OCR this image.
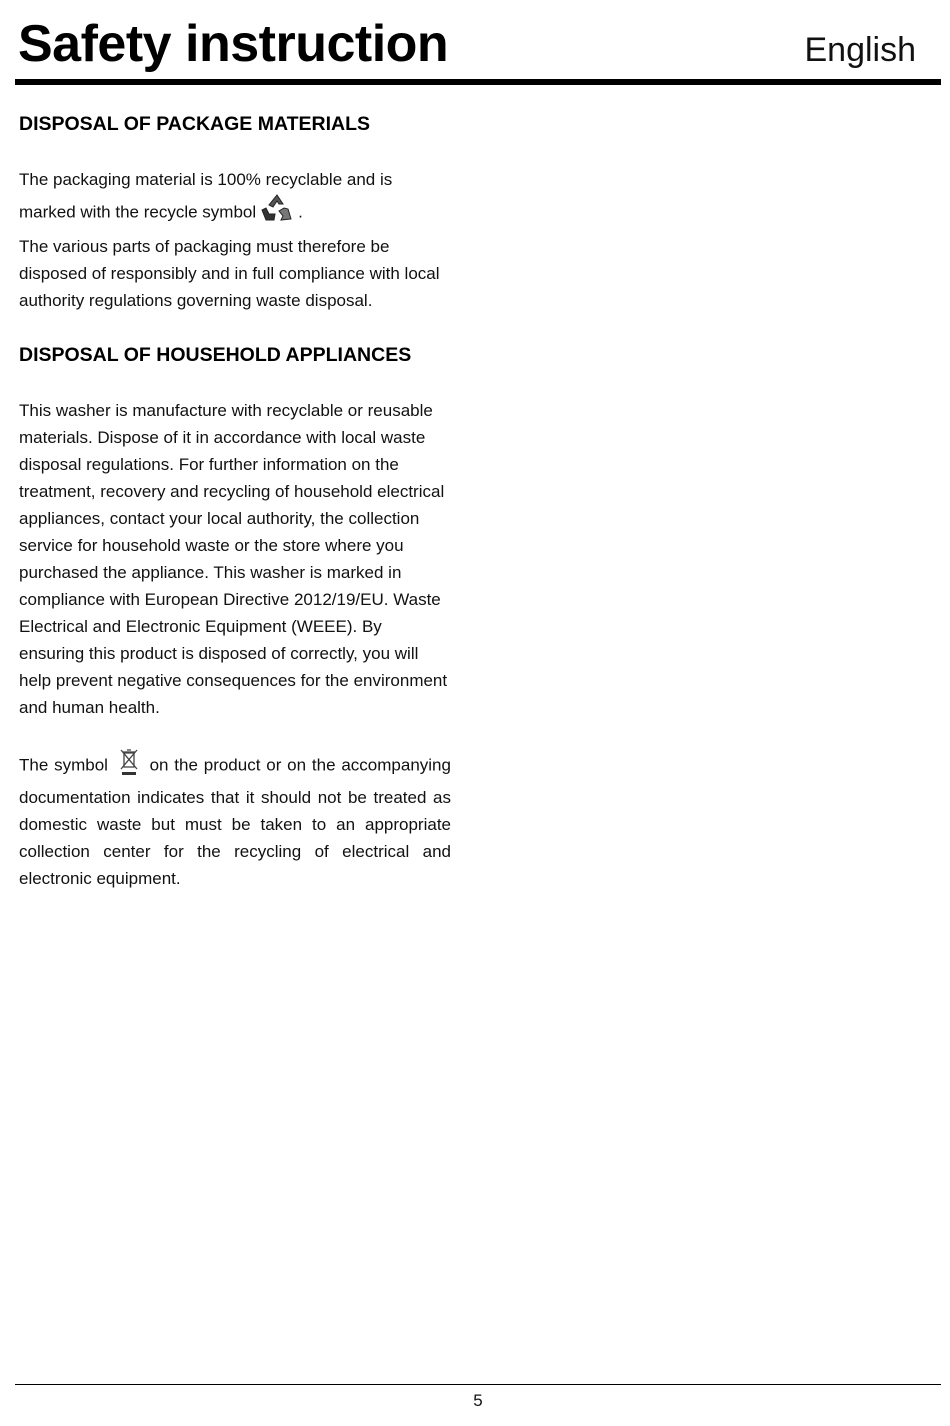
Safety instruction	English
DISPOSAL OF PACKAGE MATERIALS

The packaging material is 100% recyclable and is
marked with the recycle symbol .
The various parts of packaging must therefore be disposed of responsibly and in full compliance with local authority regulations governing waste disposal.

DISPOSAL OF HOUSEHOLD APPLIANCES

This washer is manufacture with recyclable or reusable materials. Dispose of it in accordance with local waste disposal regulations. For further information on the treatment, recovery and recycling of household electrical appliances, contact your local authority, the collection service for household waste or the store where you purchased the appliance. This washer is marked in compliance with European Directive 2012/19/EU. Waste Electrical and Electronic Equipment (WEEE). By ensuring this product is disposed of correctly, you will help prevent negative consequences for the environment and human health.

The symbol on the product or on the accompanying documentation indicates that it should not be treated as domestic waste but must be taken to an appropriate collection center for the recycling of electrical and electronic equipment.

5
